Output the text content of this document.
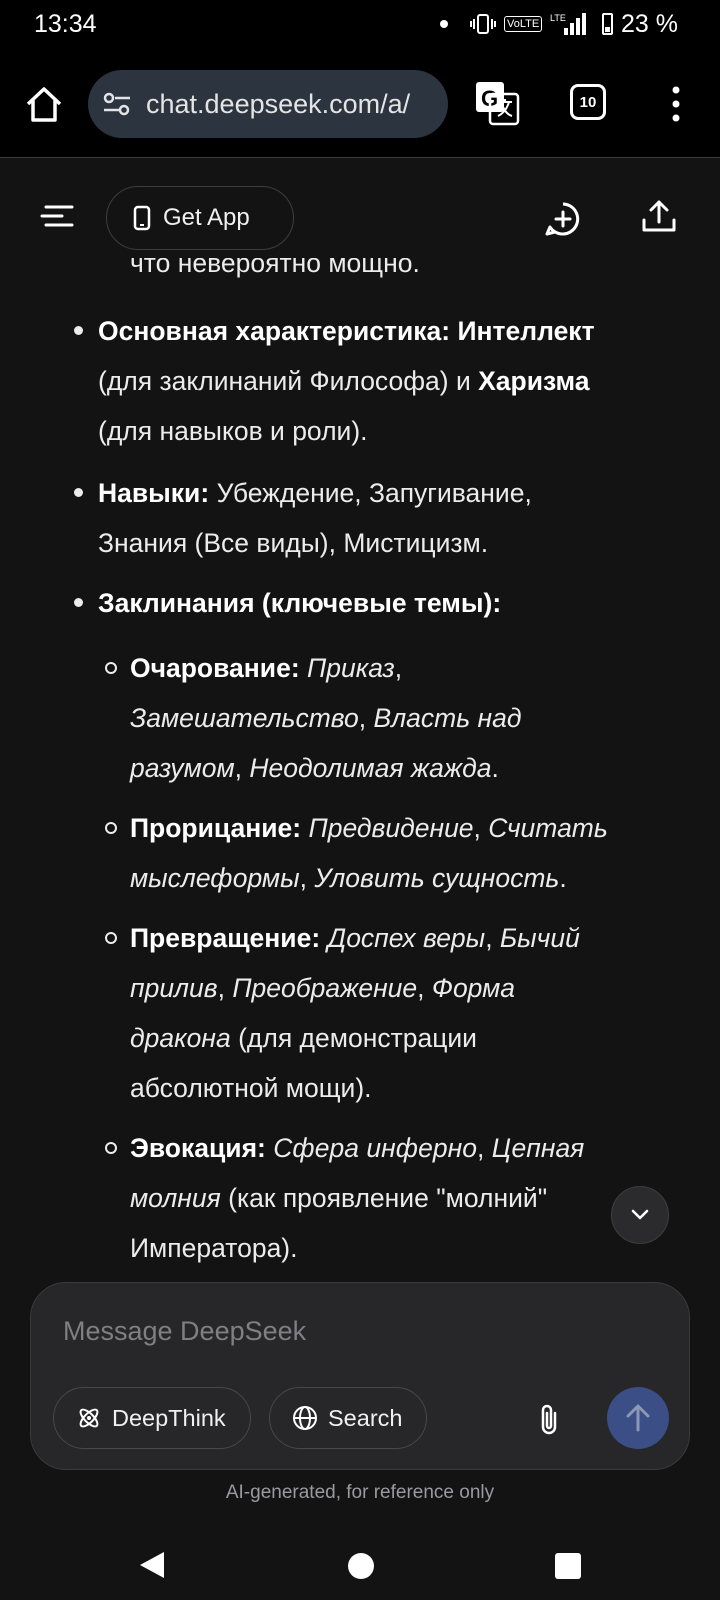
13:34	VoLTE	LTE 23 %
chat.deepseek.com/a/	G	10
что невероятно мощно.
Основная характеристика: Интеллект
(для заклинаний Философа) и Харизма
(для навыков и роли).
Навыки: Убеждение, Запугивание,
Знания (Все виды), Мистицизм.
Заклинания (ключевые темы):
Очарование: Приказ,
Замешательство, Власть над
разумом, Неодолимая жажда.
Прорицание: Предвидение, Считать
мыслеформы, Уловить сущность.
Превращение: Доспех веры, Бычий
прилив, Преображение, Форма
дракона (для демонстрации
абсолютной мощи).
Эвокация: Сфера инферно, Цепная
молния (как проявление "молний"
Императора).
Get App
Message DeepSeek
DeepThink	Search
AI-generated, for reference only
